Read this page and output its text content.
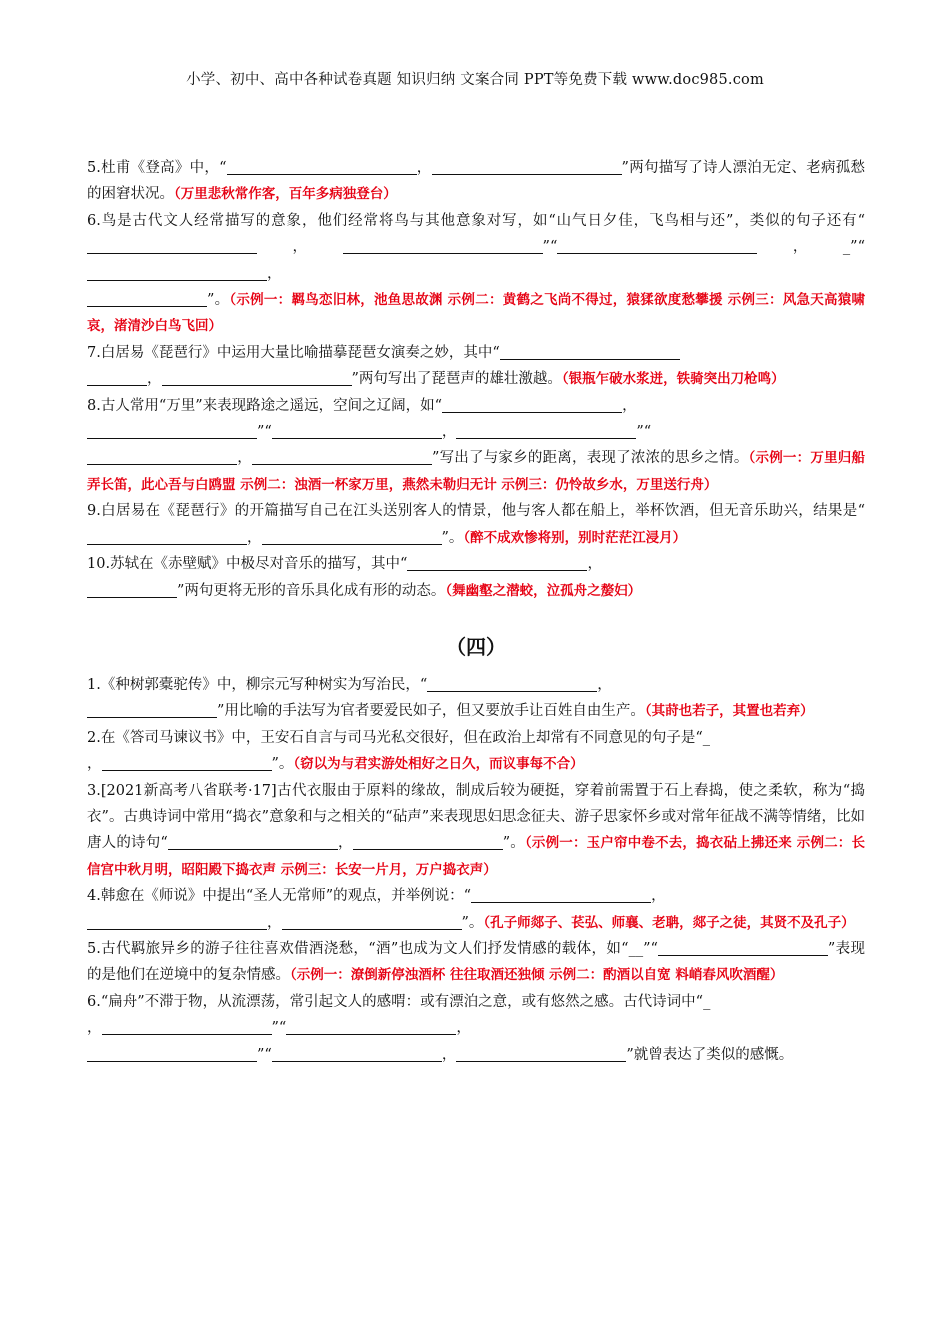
小学、初中、高中各种试卷真题 知识归纳 文案合同 PPT等免费下载 www.doc985.com

5.杜甫《登高》中，“	，	”两句描写了诗人漂泊无定、老病孤愁的困窘状况。（万里悲秋常作客，百年多病独登台）

6.鸟是古代文人经常描写的意象，他们经常将鸟与其他意象对写，如“山气日夕佳，飞鸟相与还”，类似的句子还有“，	”“	，_”“，
”。（示例一：羁鸟恋旧林，池鱼思故渊 示例二：黄鹤之飞尚不得过，猿猱欲度愁攀援 示例三：风急天高猿啸哀，渚清沙白鸟飞回）

7.白居易《琵琶行》中运用大量比喻描摹琵琶女演奏之妙，其中“
，	”两句写出了琵琶声的雄壮激越。（银瓶乍破水浆迸，铁骑突出刀枪鸣）

8.古人常用“万里”来表现路途之遥远，空间之辽阔，如“	，
”“	，	”“
，	”写出了与家乡的距离，表现了浓浓的思乡之情。（示例一：万里归船弄长笛，此心吾与白鸥盟 示例二：浊酒一杯家万里，燕然未勒归无计 示例三：仍怜故乡水，万里送行舟）

9.白居易在《琵琶行》的开篇描写自己在江头送别客人的情景，他与客人都在船上，举杯饮酒，但无音乐助兴，结果是“，	”。（醉不成欢惨将别，别时茫茫江浸月）

10.苏轼在《赤壁赋》中极尽对音乐的描写，其中“	，
”两句更将无形的音乐具化成有形的动态。（舞幽壑之潜蛟，泣孤舟之嫠妇）

（四）

1.《种树郭橐驼传》中，柳宗元写种树实为写治民，“	，
”用比喻的手法写为官者要爱民如子，但又要放手让百姓自由生产。（其莳也若子，其置也若弃）

2.在《答司马谏议书》中，王安石自言与司马光私交很好，但在政治上却常有不同意见的句子是“_
，	”。（窃以为与君实游处相好之日久，而议事每不合）

3.[2021新高考八省联考·17]古代衣服由于原料的缘故，制成后较为硬挺，穿着前需置于石上舂捣，使之柔软，称为“捣衣”。古典诗词中常用“捣衣”意象和与之相关的“砧声”来表现思妇思念征夫、游子思家怀乡或对常年征战不满等情绪，比如唐人的诗句“	，	”。（示例一：玉户帘中卷不去，捣衣砧上拂还来 示例二：长信宫中秋月明，昭阳殿下捣衣声 示例三：长安一片月，万户捣衣声）

4.韩愈在《师说》中提出“圣人无常师”的观点，并举例说：“	，
，	”。（孔子师郯子、苌弘、师襄、老聃，郯子之徒，其贤不及孔子）

5.古代羁旅异乡的游子往往喜欢借酒浇愁，“酒”也成为文人们抒发情感的载体，如“__”“	”表现的是他们在逆境中的复杂情感。（示例一：潦倒新停浊酒杯 往往取酒还独倾 示例二：酌酒以自宽 料峭春风吹酒醒）

6.“扁舟”不滞于物，从流漂荡，常引起文人的感喟：或有漂泊之意，或有悠然之感。古代诗词中“_
，	”“	，
”“	，	”就曾表达了类似的感慨。
